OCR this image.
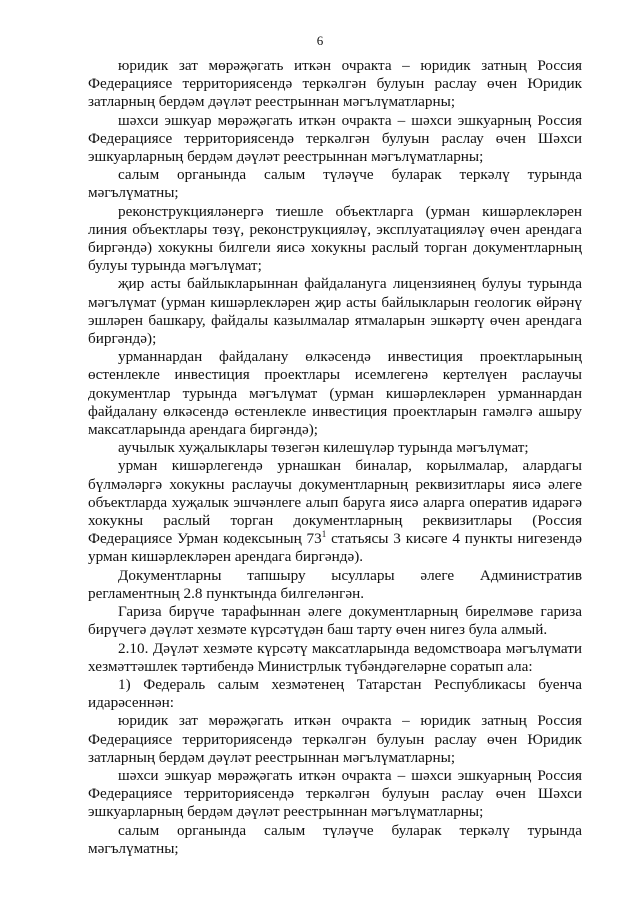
6

юридик зат мөрәҗәгать иткән очракта – юридик затның Россия Федерациясе территориясендә теркәлгән булуын раслау өчен Юридик затларның бердәм дәүләт реестрыннан мәгълүматларны;

шәхси эшкуар мөрәҗәгать иткән очракта – шәхси эшкуарның Россия Федерациясе территориясендә теркәлгән булуын раслау өчен Шәхси эшкуарларның бердәм дәүләт реестрыннан мәгълүматларны;

салым органында салым түләүче буларак теркәлү турында мәгълүматны;

реконструкцияләнергә тиешле объектларга (урман кишәрлекләрен линия объектлары төзү, реконструкцияләү, эксплуатацияләү өчен арендага биргәндә) хокукны билгели яисә хокукны раслый торган документларның булуы турында мәгълүмат;

җир асты байлыкларыннан файдалануга лицензиянең булуы турында мәгълүмат (урман кишәрлекләрен җир асты байлыкларын геологик өйрәнү эшләрен башкару, файдалы казылмалар ятмаларын эшкәртү өчен арендага биргәндә);

урманнардан файдалану өлкәсендә инвестиция проектларының өстенлекле инвестиция проектлары исемлегенә кертелүен раслаучы документлар турында мәгълүмат (урман кишәрлекләрен урманнардан файдалану өлкәсендә өстенлекле инвестиция проектларын гамәлгә ашыру максатларында арендага биргәндә);

аучылык хуҗалыклары төзегән килешүләр турында мәгълүмат;

урман кишәрлегендә урнашкан биналар, корылмалар, алардагы бүлмәләргә хокукны раслаучы документларның реквизитлары яисә әлеге объектларда хуҗалык эшчәнлеге алып баруга яисә аларга оператив идарәгә хокукны раслый торган документларның реквизитлары (Россия Федерациясе Урман кодексының $73^1$ статьясы 3 кисәге 4 пункты нигезендә урман кишәрлекләрен арендага биргәндә).

Документларны тапшыру ысуллары әлеге Административ регламентның 2.8 пунктында билгеләнгән.

Гариза бирүче тарафыннан әлеге документларның бирелмәве гариза бирүчегә дәүләт хезмәте күрсәтүдән баш тарту өчен нигез була алмый.

2.10. Дәүләт хезмәте күрсәтү максатларында ведомствоара мәгълүмати хезмәттәшлек тәртибендә Министрлык түбәндәгеләрне соратып ала:

1) Федераль салым хезмәтенең Татарстан Республикасы буенча идарәсеннән:

юридик зат мөрәҗәгать иткән очракта – юридик затның Россия Федерациясе территориясендә теркәлгән булуын раслау өчен Юридик затларның бердәм дәүләт реестрыннан мәгълүматларны;

шәхси эшкуар мөрәҗәгать иткән очракта – шәхси эшкуарның Россия Федерациясе территориясендә теркәлгән булуын раслау өчен Шәхси эшкуарларның бердәм дәүләт реестрыннан мәгълүматларны;

салым органында салым түләүче буларак теркәлү турында мәгълүматны;
